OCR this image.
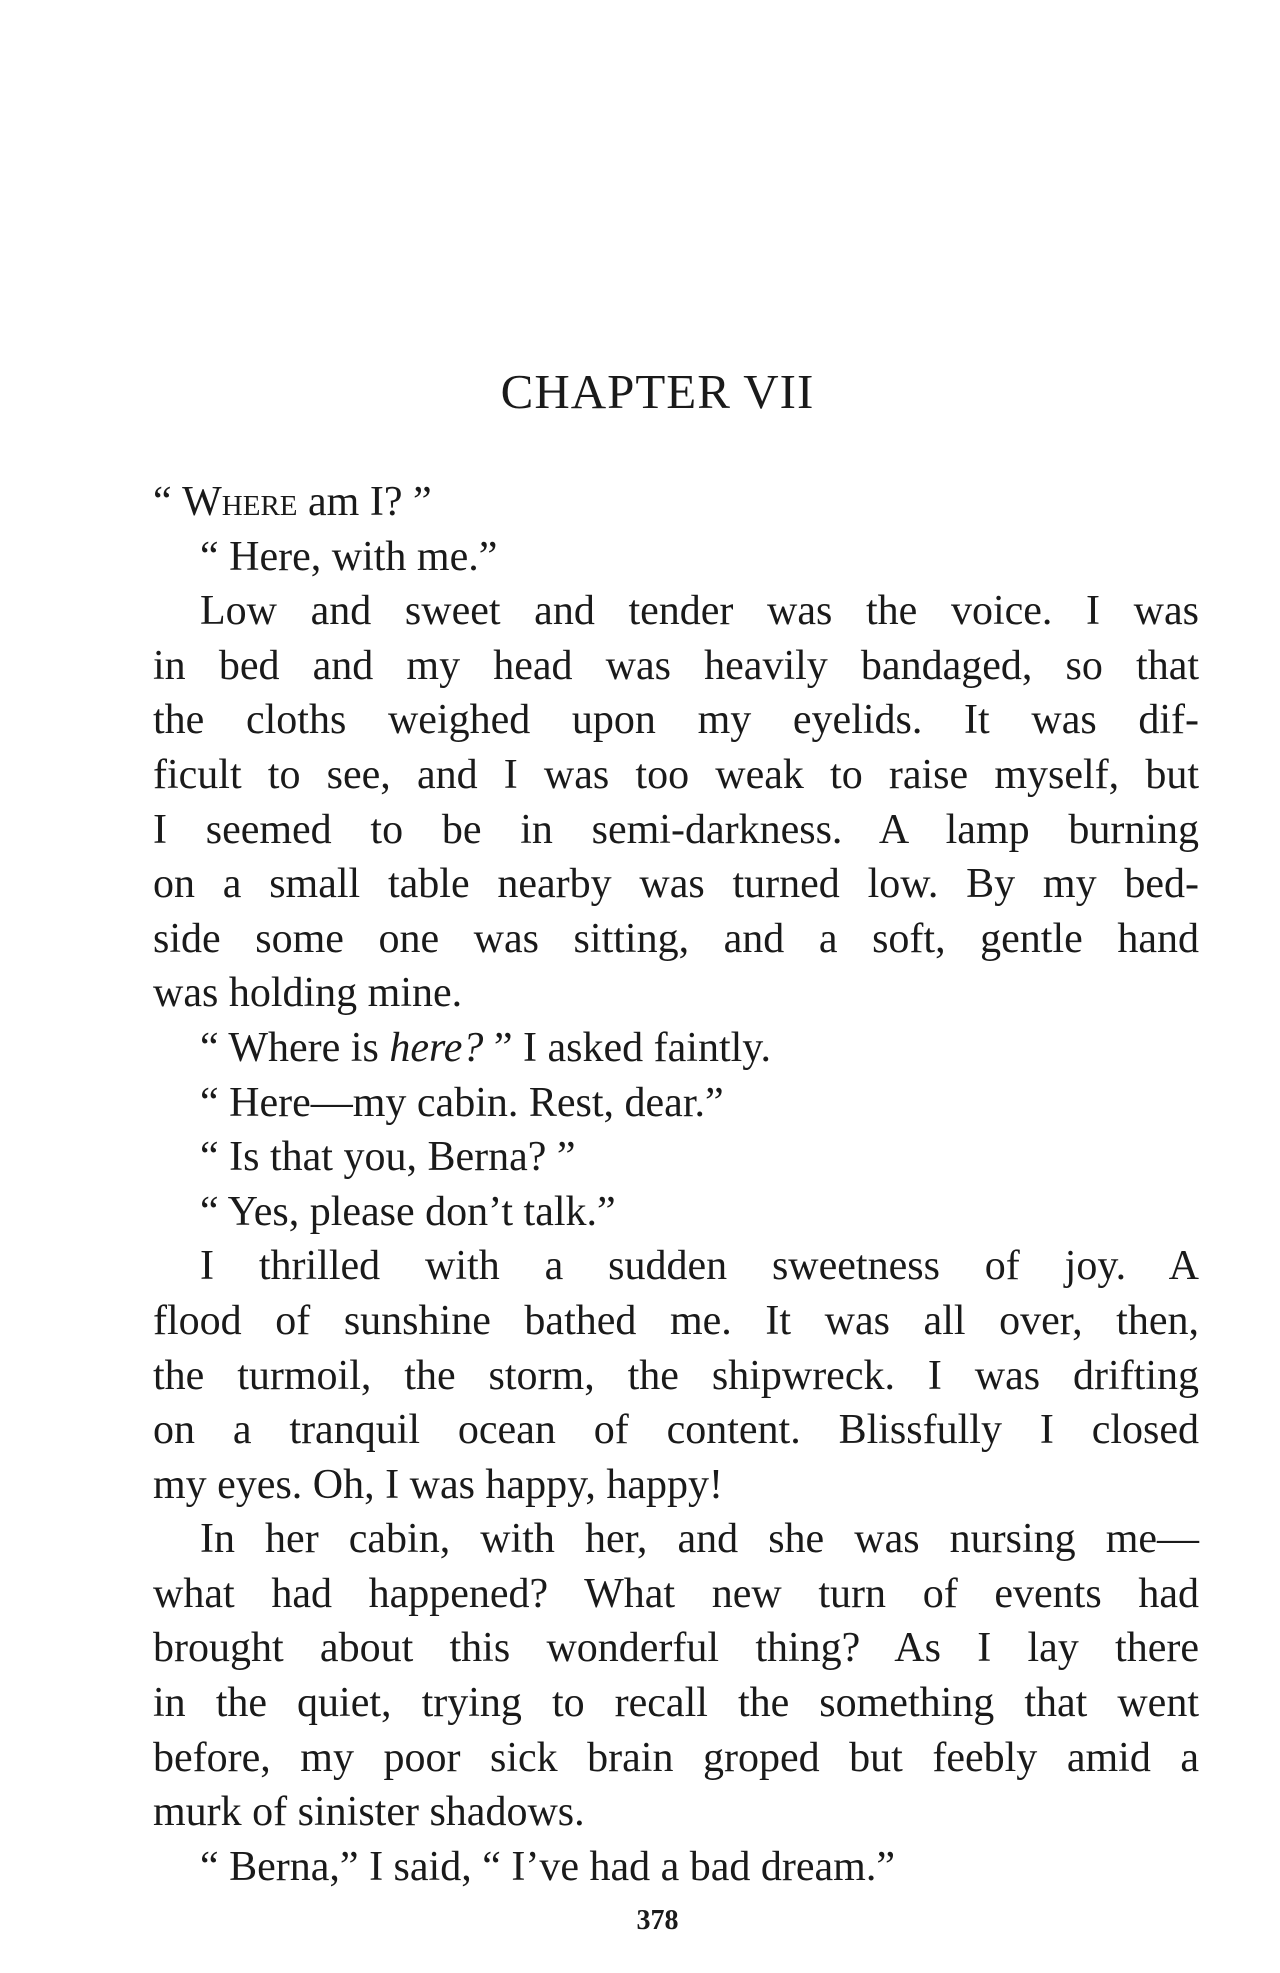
CHAPTER VII
“ Where am I? ”
“ Here, with me.”
Low and sweet and tender was the voice. I was
in bed and my head was heavily bandaged, so that
the cloths weighed upon my eyelids. It was dif-
ficult to see, and I was too weak to raise myself, but
I seemed to be in semi-darkness. A lamp burning
on a small table nearby was turned low. By my bed-
side some one was sitting, and a soft, gentle hand
was holding mine.
“ Where is here? ” I asked faintly.
“ Here—my cabin. Rest, dear.”
“ Is that you, Berna? ”
“ Yes, please don’t talk.”
I thrilled with a sudden sweetness of joy. A
flood of sunshine bathed me. It was all over, then,
the turmoil, the storm, the shipwreck. I was drifting
on a tranquil ocean of content. Blissfully I closed
my eyes. Oh, I was happy, happy!
In her cabin, with her, and she was nursing me—
what had happened? What new turn of events had
brought about this wonderful thing? As I lay there
in the quiet, trying to recall the something that went
before, my poor sick brain groped but feebly amid a
murk of sinister shadows.
“ Berna,” I said, “ I’ve had a bad dream.”
378
